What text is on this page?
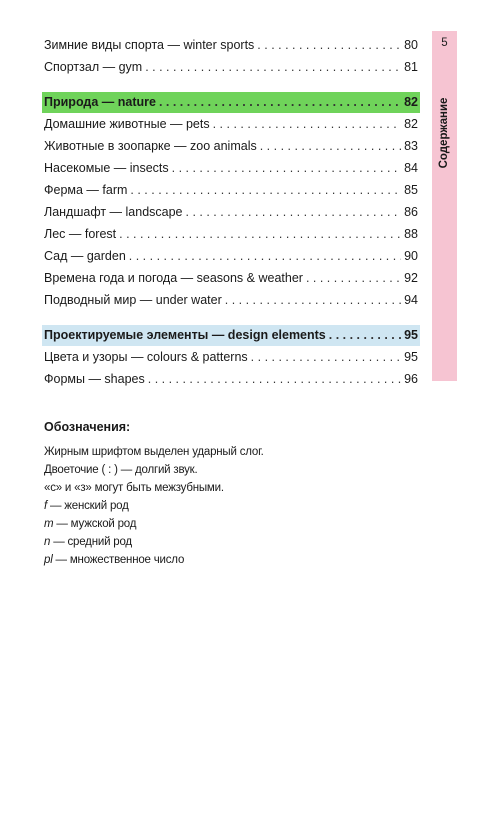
Зимние виды спорта — winter sports . . .	80
Спортзал — gym . . .	81
Природа — nature . . .	82
Домашние животные — pets . . .	82
Животные в зоопарке — zoo animals . . .	83
Насекомые — insects . . .	84
Ферма — farm . . .	85
Ландшафт — landscape . . .	86
Лес — forest . . .	88
Сад — garden . . .	90
Времена года и погода — seasons & weather . . .	92
Подводный мир — under water . . .	94
Проектируемые элементы — design elements . . .	95
Цвета и узоры — colours & patterns . . .	95
Формы — shapes . . .	96
5
Содержание
Обозначения:
Жирным шрифтом выделен ударный слог.
Двоеточие ( : ) — долгий звук.
«c» и «з» могут быть межзубными.
f — женский род
m — мужской род
n — средний род
pl — множественное число
